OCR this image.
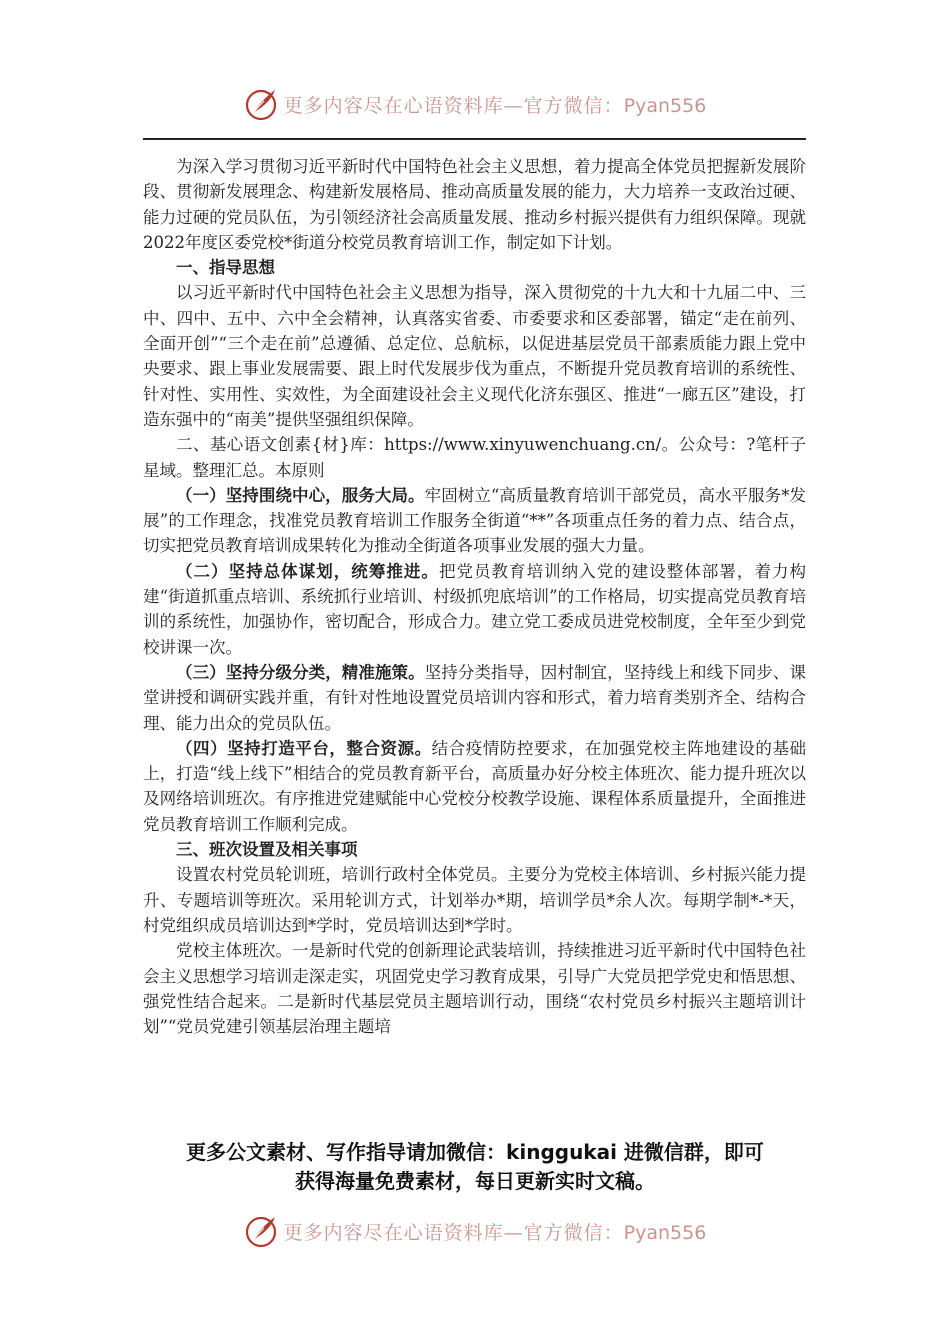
更多内容尽在心语资料库—官方微信：Pyan556

为深入学习贯彻习近平新时代中国特色社会主义思想，着力提高全体党员把握新发展阶段、贯彻新发展理念、构建新发展格局、推动高质量发展的能力，大力培养一支政治过硬、能力过硬的党员队伍，为引领经济社会高质量发展、推动乡村振兴提供有力组织保障。现就2022年度区委党校*街道分校党员教育培训工作，制定如下计划。

一、指导思想

以习近平新时代中国特色社会主义思想为指导，深入贯彻党的十九大和十九届二中、三中、四中、五中、六中全会精神，认真落实省委、市委要求和区委部署，锚定“走在前列、全面开创”“三个走在前”总遵循、总定位、总航标，以促进基层党员干部素质能力跟上党中央要求、跟上事业发展需要、跟上时代发展步伐为重点，不断提升党员教育培训的系统性、针对性、实用性、实效性，为全面建设社会主义现代化济东强区、推进“一廊五区”建设，打造东强中的“南美”提供坚强组织保障。

二、基心语文创素{材}库：https://www.xinyuwenchuang.cn/。公众号：?笔杆子星域。整理汇总。本原则

（一）坚持围绕中心，服务大局。牢固树立“高质量教育培训干部党员，高水平服务*发展”的工作理念，找准党员教育培训工作服务全街道“**”各项重点任务的着力点、结合点，切实把党员教育培训成果转化为推动全街道各项事业发展的强大力量。

（二）坚持总体谋划，统筹推进。把党员教育培训纳入党的建设整体部署，着力构建“街道抓重点培训、系统抓行业培训、村级抓兜底培训”的工作格局，切实提高党员教育培训的系统性，加强协作，密切配合，形成合力。建立党工委成员进党校制度，全年至少到党校讲课一次。

（三）坚持分级分类，精准施策。坚持分类指导，因村制宜，坚持线上和线下同步、课堂讲授和调研实践并重，有针对性地设置党员培训内容和形式，着力培育类别齐全、结构合理、能力出众的党员队伍。

（四）坚持打造平台，整合资源。结合疫情防控要求，在加强党校主阵地建设的基础上，打造“线上线下”相结合的党员教育新平台，高质量办好分校主体班次、能力提升班次以及网络培训班次。有序推进党建赋能中心党校分校教学设施、课程体系质量提升，全面推进党员教育培训工作顺利完成。

三、班次设置及相关事项

设置农村党员轮训班，培训行政村全体党员。主要分为党校主体培训、乡村振兴能力提升、专题培训等班次。采用轮训方式，计划举办*期，培训学员*余人次。每期学制*-*天，村党组织成员培训达到*学时，党员培训达到*学时。

党校主体班次。一是新时代党的创新理论武装培训，持续推进习近平新时代中国特色社会主义思想学习培训走深走实，巩固党史学习教育成果，引导广大党员把学党史和悟思想、强党性结合起来。二是新时代基层党员主题培训行动，围绕“农村党员乡村振兴主题培训计划”“党员党建引领基层治理主题培

更多公文素材、写作指导请加微信：kinggukai 进微信群，即可
获得海量免费素材，每日更新实时文稿。
更多内容尽在心语资料库—官方微信：Pyan556
